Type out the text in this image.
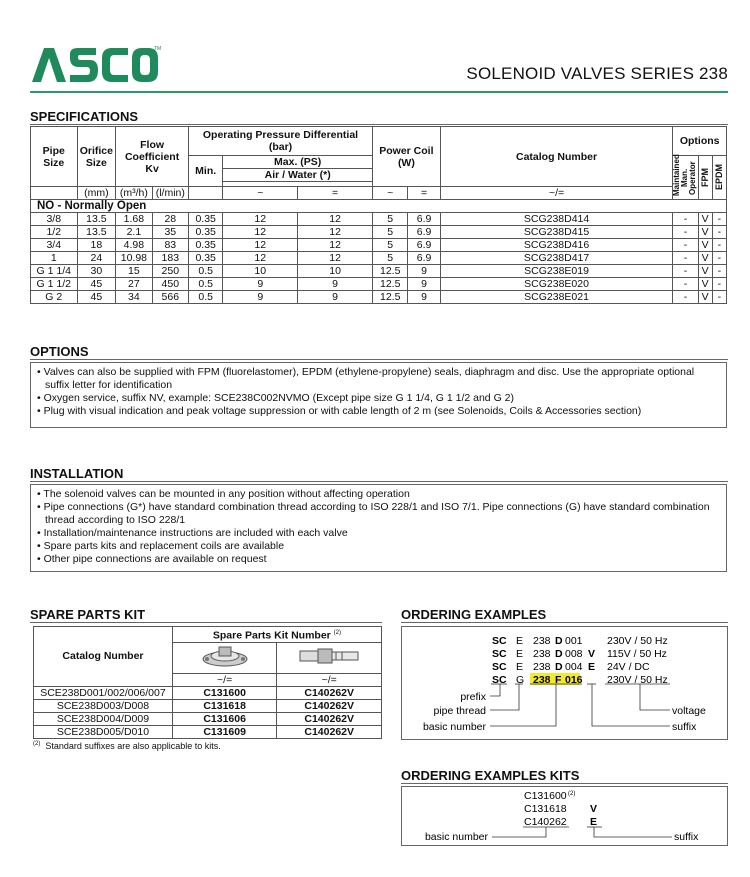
TM
SOLENOID VALVES SERIES 238
SPECIFICATIONS
Pipe Size	Orifice Size	Flow Coefficient Kv		Operating Pressure Differential (bar)			Power Coil (W)		Catalog Number	Options		
				Min.	Max. (PS)					Maintained Man. Operator	FPM	EPDM

					Air / Water (*)							

	(mm)	(m³/h)	(l/min)		~	=	~	=	~/=			
NO - Normally Open												
3/8	13.5	1.68	28	0.35	12	12	5	6.9	SCG238D414	-	V	-
1/2	13.5	2.1	35	0.35	12	12	5	6.9	SCG238D415	-	V	-
3/4	18	4.98	83	0.35	12	12	5	6.9	SCG238D416	-	V	-
1	24	10.98	183	0.35	12	12	5	6.9	SCG238D417	-	V	-
G 1 1/4	30	15	250	0.5	10	10	12.5	9	SCG238E019	-	V	-
G 1 1/2	45	27	450	0.5	9	9	12.5	9	SCG238E020	-	V	-
G 2	45	34	566	0.5	9	9	12.5	9	SCG238E021	-	V	-
OPTIONS
• Valves can also be supplied with FPM (fluorelastomer), EPDM (ethylene-propylene) seals, diaphragm and disc. Use the appropriate optional suffix letter for identification
• Oxygen service, suffix NV, example: SCE238C002NVMO (Except pipe size G 1 1/4, G 1 1/2 and G 2)
• Plug with visual indication and peak voltage suppression or with cable length of 2 m (see Solenoids, Coils & Accessories section)
INSTALLATION
• The solenoid valves can be mounted in any position without affecting operation
• Pipe connections (G*) have standard combination thread according to ISO 228/1 and ISO 7/1. Pipe connections (G) have standard combination thread according to ISO 228/1
• Installation/maintenance instructions are included with each valve
• Spare parts kits and replacement coils are available
• Other pipe connections are available on request
SPARE PARTS KIT
Catalog Number	Spare Parts Kit Number $^{(2)}$

	~/=	~/=
SCE238D001/002/006/007	C131600	C140262V
SCE238D003/D008	C131618	C140262V
SCE238D004/D009	C131606	C140262V
SCE238D005/D010	C131609	C140262V
$^{(2)}$ Standard suffixes are also applicable to kits.
ORDERING EXAMPLES
SC E 238 D 001 230V / 50 Hz
SC E 238 D 008 V 115V / 50 Hz
SC E 238 D 004 E 24V / DC
SC G 238 F 016 230V / 50 Hz
prefix
pipe thread
basic number
voltage
suffix
ORDERING EXAMPLES KITS
C131600 (2)
C131618 V
C140262 E
basic number	suffix
